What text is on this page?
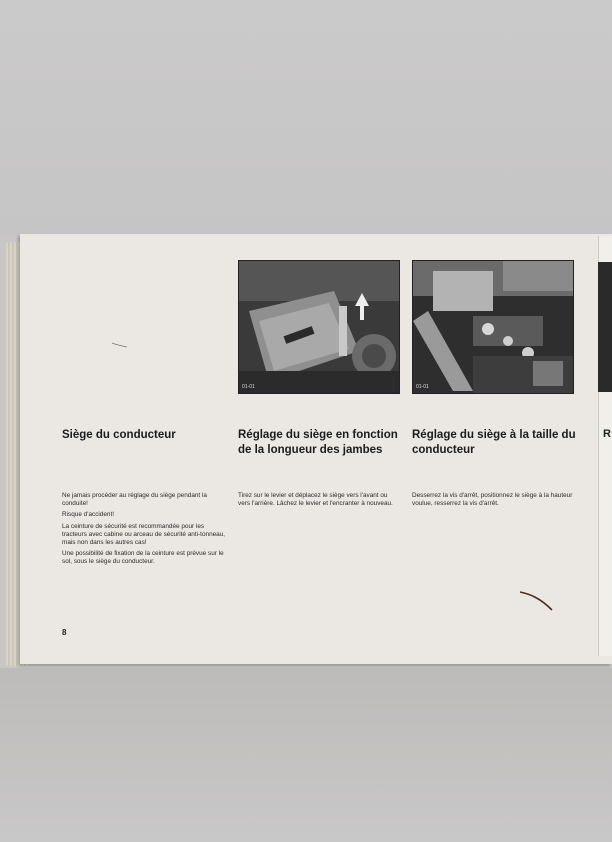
R
01-01	01-01
Siège du conducteur

Ne jamais procéder au réglage du siège pendant la conduite!

Risque d'accident!

La ceinture de sécurité est recommandée pour les tracteurs avec cabine ou arceau de sécurité anti-tonneau, mais non dans les autres cas!

Une possibilité de fixation de la ceinture est prévue sur le sol, sous le siège du conducteur.

Réglage du siège en fonction de la longueur des jambes

Tirez sur le levier et déplacez le siège vers l'avant ou vers l'arrière. Lâchez le levier et l'encranter à nouveau.

Réglage du siège à la taille du conducteur

Desserrez la vis d'arrêt, positionnez le siège à la hauteur voulue, resserrez la vis d'arrêt.

8
